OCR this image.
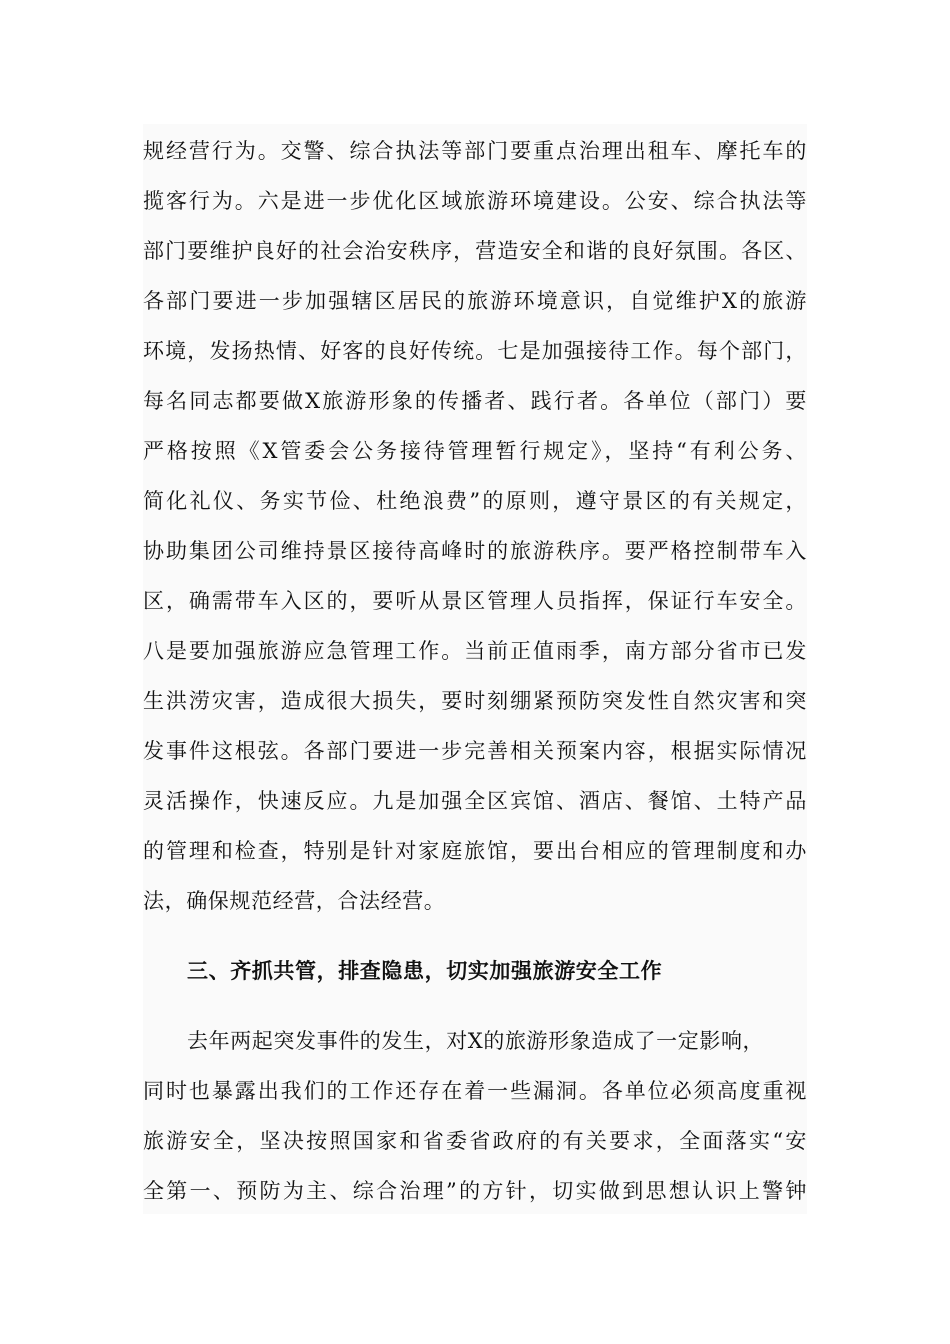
规经营行为。交警、综合执法等部门要重点治理出租车、摩托车的
揽客行为。六是进一步优化区域旅游环境建设。公安、综合执法等
部门要维护良好的社会治安秩序，营造安全和谐的良好氛围。各区、
各部门要进一步加强辖区居民的旅游环境意识，自觉维护X的旅游
环境，发扬热情、好客的良好传统。七是加强接待工作。每个部门，
每名同志都要做X旅游形象的传播者、践行者。各单位（部门）要
严格按照《X管委会公务接待管理暂行规定》，坚持“有利公务、
简化礼仪、务实节俭、杜绝浪费”的原则，遵守景区的有关规定，
协助集团公司维持景区接待高峰时的旅游秩序。要严格控制带车入
区，确需带车入区的，要听从景区管理人员指挥，保证行车安全。
八是要加强旅游应急管理工作。当前正值雨季，南方部分省市已发
生洪涝灾害，造成很大损失，要时刻绷紧预防突发性自然灾害和突
发事件这根弦。各部门要进一步完善相关预案内容，根据实际情况
灵活操作，快速反应。九是加强全区宾馆、酒店、餐馆、土特产品
的管理和检查，特别是针对家庭旅馆，要出台相应的管理制度和办
法，确保规范经营，合法经营。
三、齐抓共管，排查隐患，切实加强旅游安全工作
去年两起突发事件的发生，对X的旅游形象造成了一定影响，
同时也暴露出我们的工作还存在着一些漏洞。各单位必须高度重视
旅游安全，坚决按照国家和省委省政府的有关要求，全面落实“安
全第一、预防为主、综合治理”的方针，切实做到思想认识上警钟
